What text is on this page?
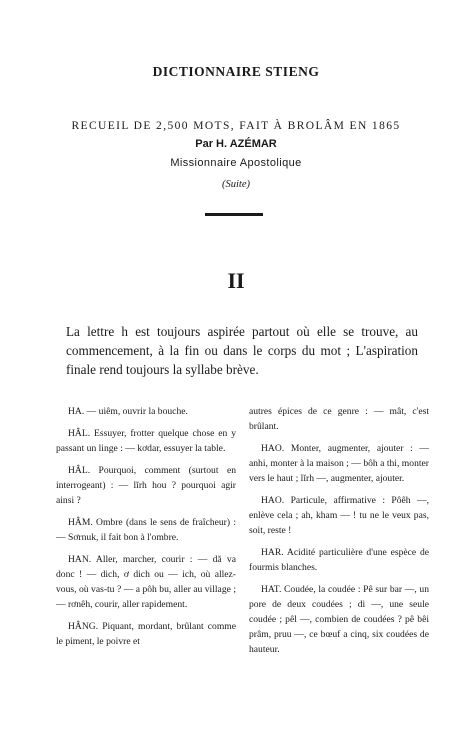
DICTIONNAIRE STIENG
RECUEIL DE 2,500 MOTS, FAIT À BROLÂM EN 1865
Par H. AZÉMAR
Missionnaire Apostolique
(Suite)
II
La lettre h est toujours aspirée partout où elle se trouve, au commencement, à la fin ou dans le corps du mot ; L'aspiration finale rend toujours la syllabe brève.

HA. — uiêm, ouvrir la bouche.

HÂL. Essuyer, frotter quelque chose en y passant un linge : — kơdar, essuyer la table.

HÂL. Pourquoi, comment (surtout en interrogeant) : — lĭrh hou ? pourquoi agir ainsi ?

HÂM. Ombre (dans le sens de fraîcheur) : — Sơrnuk, il fait bon à l'ombre.

HAN. Aller, marcher, courir : — dă va donc ! — dich, ơ dich ou — ich, où allez-vous, où vas-tu ? — a pôh bu, aller au village ; — rơnêh, courir, aller rapidement.

HÂNG. Piquant, mordant, brûlant comme le piment, le poivre et

autres épices de ce genre : — mât, c'est brûlant.

HAO. Monter, augmenter, ajouter : — anhi, monter à la maison ; — bôh a thi, monter vers le haut ; lĭrh —, augmenter, ajouter.

HAO. Particule, affirmative : Pôêh —, enlève cela ; ah, kham — ! tu ne le veux pas, soit, reste !

HAR. Acidité particulière d'une espèce de fourmis blanches.

HAT. Coudée, la coudée : Pê sur bar —, un pore de deux coudées ; di —, une seule coudée ; pêl —, combien de coudées ? pê bêi prâm, pruu —, ce bœuf a cinq, six coudées de hauteur.
